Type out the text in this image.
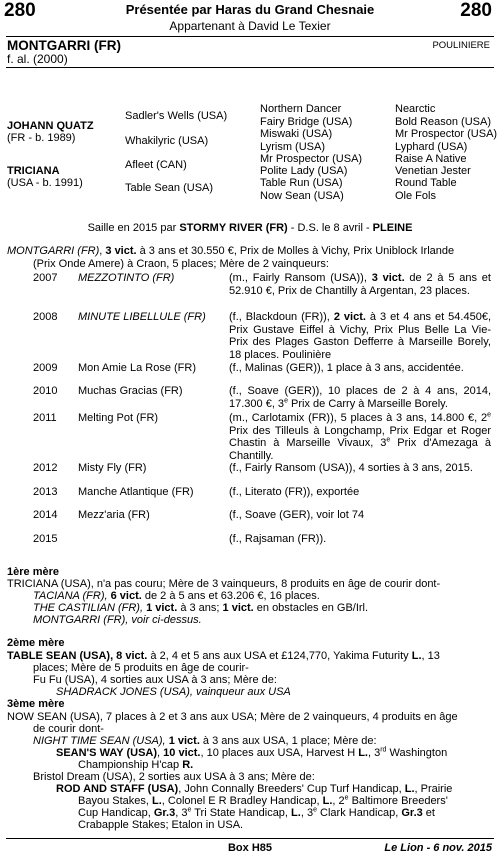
280	280
Présentée par Haras du Grand Chesnaie
Appartenant à David Le Texier
MONTGARRI (FR)
f. al. (2000)
POULINIERE
JOHANN QUATZ
(FR - b. 1989)
TRICIANA
(USA - b. 1991)
Sadler's Wells (USA)
Whakilyric (USA)
Afleet (CAN)
Table Sean (USA)
Northern Dancer
Fairy Bridge (USA)
Miswaki (USA)
Lyrism (USA)
Mr Prospector (USA)
Polite Lady (USA)
Table Run (USA)
Now Sean (USA)
Nearctic
Bold Reason (USA)
Mr Prospector (USA)
Lyphard (USA)
Raise A Native
Venetian Jester
Round Table
Ole Fols
Saille en 2015 par STORMY RIVER (FR) - D.S. le 8 avril - PLEINE
MONTGARRI (FR), 3 vict. à 3 ans et 30.550 €, Prix de Molles à Vichy, Prix Uniblock Irlande
(Prix Onde Amere) à Craon, 5 places; Mère de 2 vainqueurs:
2007 MEZZOTINTO (FR)	(m., Fairly Ransom (USA)), 3 vict. de 2 à 5 ans et 52.910 €, Prix de Chantilly à Argentan, 23 places.
2008 MINUTE LIBELLULE (FR) (f., Blackdoun (FR)), 2 vict. à 3 et 4 ans et 54.450€, Prix Gustave Eiffel à Vichy, Prix Plus Belle La Vie-Prix des Plages Gaston Defferre à Marseille Borely, 18 places. Poulinière
2009 Mon Amie La Rose (FR)	(f., Malinas (GER)), 1 place à 3 ans, accidentée.
2010 Muchas Gracias (FR)	(f., Soave (GER)), 10 places de 2 à 4 ans, 2014, 17.300 €, 3e Prix de Carry à Marseille Borely.
2011 Melting Pot (FR)	(m., Carlotamix (FR)), 5 places à 3 ans, 14.800 €, 2e Prix des Tilleuls à Longchamp, Prix Edgar et Roger Chastin à Marseille Vivaux, 3e Prix d'Amezaga à Chantilly.
2012 Misty Fly (FR)	(f., Fairly Ransom (USA)), 4 sorties à 3 ans, 2015.
2013 Manche Atlantique (FR)	(f., Literato (FR)), exportée
2014 Mezz'aria (FR)	(f., Soave (GER), voir lot 74
2015	(f., Rajsaman (FR)).
1ère mère
TRICIANA (USA), n'a pas couru; Mère de 3 vainqueurs, 8 produits en âge de courir dont-
TACIANA (FR), 6 vict. de 2 à 5 ans et 63.206 €, 16 places.
THE CASTILIAN (FR), 1 vict. à 3 ans; 1 vict. en obstacles en GB/Irl.
MONTGARRI (FR), voir ci-dessus.
2ème mère
TABLE SEAN (USA), 8 vict. à 2, 4 et 5 ans aux USA et £124,770, Yakima Futurity L., 13
places; Mère de 5 produits en âge de courir-
Fu Fu (USA), 4 sorties aux USA à 3 ans; Mère de:
SHADRACK JONES (USA), vainqueur aux USA
3ème mère
NOW SEAN (USA), 7 places à 2 et 3 ans aux USA; Mère de 2 vainqueurs, 4 produits en âge
de courir dont-
NIGHT TIME SEAN (USA), 1 vict. à 3 ans aux USA, 1 place; Mère de:
SEAN'S WAY (USA), 10 vict., 10 places aux USA, Harvest H L., 3rd Washington
Championship H'cap R.
Bristol Dream (USA), 2 sorties aux USA à 3 ans; Mère de:
ROD AND STAFF (USA), John Connally Breeders' Cup Turf Handicap, L., Prairie
Bayou Stakes, L., Colonel E R Bradley Handicap, L., 2e Baltimore Breeders'
Cup Handicap, Gr.3, 3e Tri State Handicap, L., 3e Clark Handicap, Gr.3 et
Crabapple Stakes; Etalon in USA.
Box H85	Le Lion - 6 nov. 2015
